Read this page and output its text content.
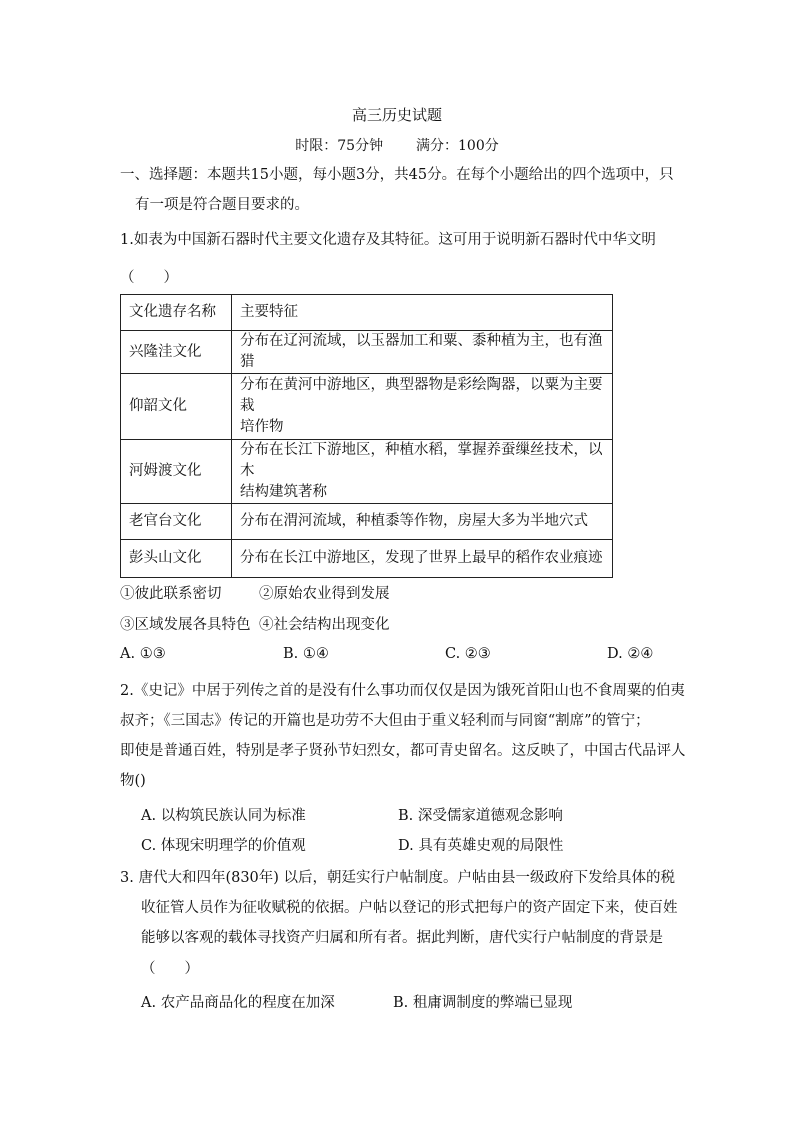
高三历史试题
时限：75分钟 满分：100分
一、选择题：本题共15小题，每小题3分，共45分。在每个小题给出的四个选项中，只
有一项是符合题目要求的。
1.如表为中国新石器时代主要文化遗存及其特征。这可用于说明新石器时代中华文明
（　　）
文化遗存名称	主要特征
兴隆洼文化	分布在辽河流域，以玉器加工和粟、黍种植为主，也有渔猎
仰韶文化	分布在黄河中游地区，典型器物是彩绘陶器，以粟为主要栽
培作物

河姆渡文化	分布在长江下游地区，种植水稻，掌握养蚕缫丝技术，以木
结构建筑著称

老官台文化	分布在渭河流域，种植黍等作物，房屋大多为半地穴式
彭头山文化	分布在长江中游地区，发现了世界上最早的稻作农业痕迹
①彼此联系密切	②原始农业得到发展
③区域发展各具特色 ④社会结构出现变化
A. ①③	B. ①④	C. ②③	D. ②④
2.《史记》中居于列传之首的是没有什么事功而仅仅是因为饿死首阳山也不食周粟的伯夷
叔齐；《三国志》传记的开篇也是功劳不大但由于重义轻利而与同窗“割席”的管宁；
即使是普通百姓，特别是孝子贤孙节妇烈女，都可青史留名。这反映了，中国古代品评人
物()
A. 以构筑民族认同为标准	B. 深受儒家道德观念影响
C. 体现宋明理学的价值观	D. 具有英雄史观的局限性
3. 唐代大和四年(830年) 以后，朝廷实行户帖制度。户帖由县一级政府下发给具体的税
收征管人员作为征收赋税的依据。户帖以登记的形式把每户的资产固定下来，使百姓
能够以客观的载体寻找资产归属和所有者。据此判断，唐代实行户帖制度的背景是
（　　）
A. 农产品商品化的程度在加深	B. 租庸调制度的弊端已显现
